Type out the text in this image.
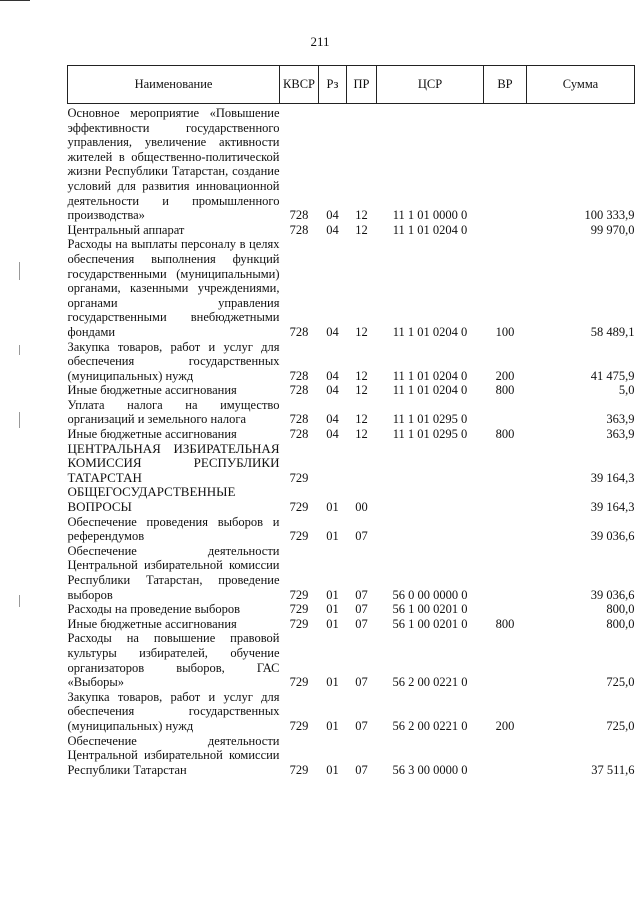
211
Наименование	КВСР	Рз	ПР	ЦСР	ВР	Сумма
Основное мероприятие «Повышение эффективности государственного управления, увеличение активности жителей в общественно-политической жизни Республики Татарстан, создание условий для развития инновационной деятельности и промышленного производства»	728	04	12	11 1 01 0000 0		100 333,9
Центральный аппарат	728	04	12	11 1 01 0204 0		99 970,0
Расходы на выплаты персоналу в целях обеспечения выполнения функций государственными (муниципальными) органами, казенными учреждениями, органами управления государственными внебюджетными фондами	728	04	12	11 1 01 0204 0	100	58 489,1
Закупка товаров, работ и услуг для обеспечения государственных (муниципальных) нужд	728	04	12	11 1 01 0204 0	200	41 475,9
Иные бюджетные ассигнования	728	04	12	11 1 01 0204 0	800	5,0
Уплата налога на имущество организаций и земельного налога	728	04	12	11 1 01 0295 0		363,9
Иные бюджетные ассигнования	728	04	12	11 1 01 0295 0	800	363,9
ЦЕНТРАЛЬНАЯ ИЗБИРАТЕЛЬНАЯ КОМИССИЯ РЕСПУБЛИКИ ТАТАРСТАН	729					39 164,3
ОБЩЕГОСУДАРСТВЕННЫЕ ВОПРОСЫ	729	01	00			39 164,3
Обеспечение проведения выборов и референдумов	729	01	07			39 036,6
Обеспечение деятельности Центральной избирательной комиссии Республики Татарстан, проведение выборов	729	01	07	56 0 00 0000 0		39 036,6
Расходы на проведение выборов	729	01	07	56 1 00 0201 0		800,0
Иные бюджетные ассигнования	729	01	07	56 1 00 0201 0	800	800,0
Расходы на повышение правовой культуры избирателей, обучение организаторов выборов, ГАС «Выборы»	729	01	07	56 2 00 0221 0		725,0
Закупка товаров, работ и услуг для обеспечения государственных (муниципальных) нужд	729	01	07	56 2 00 0221 0	200	725,0
Обеспечение деятельности Центральной избирательной комиссии Республики Татарстан	729	01	07	56 3 00 0000 0		37 511,6
